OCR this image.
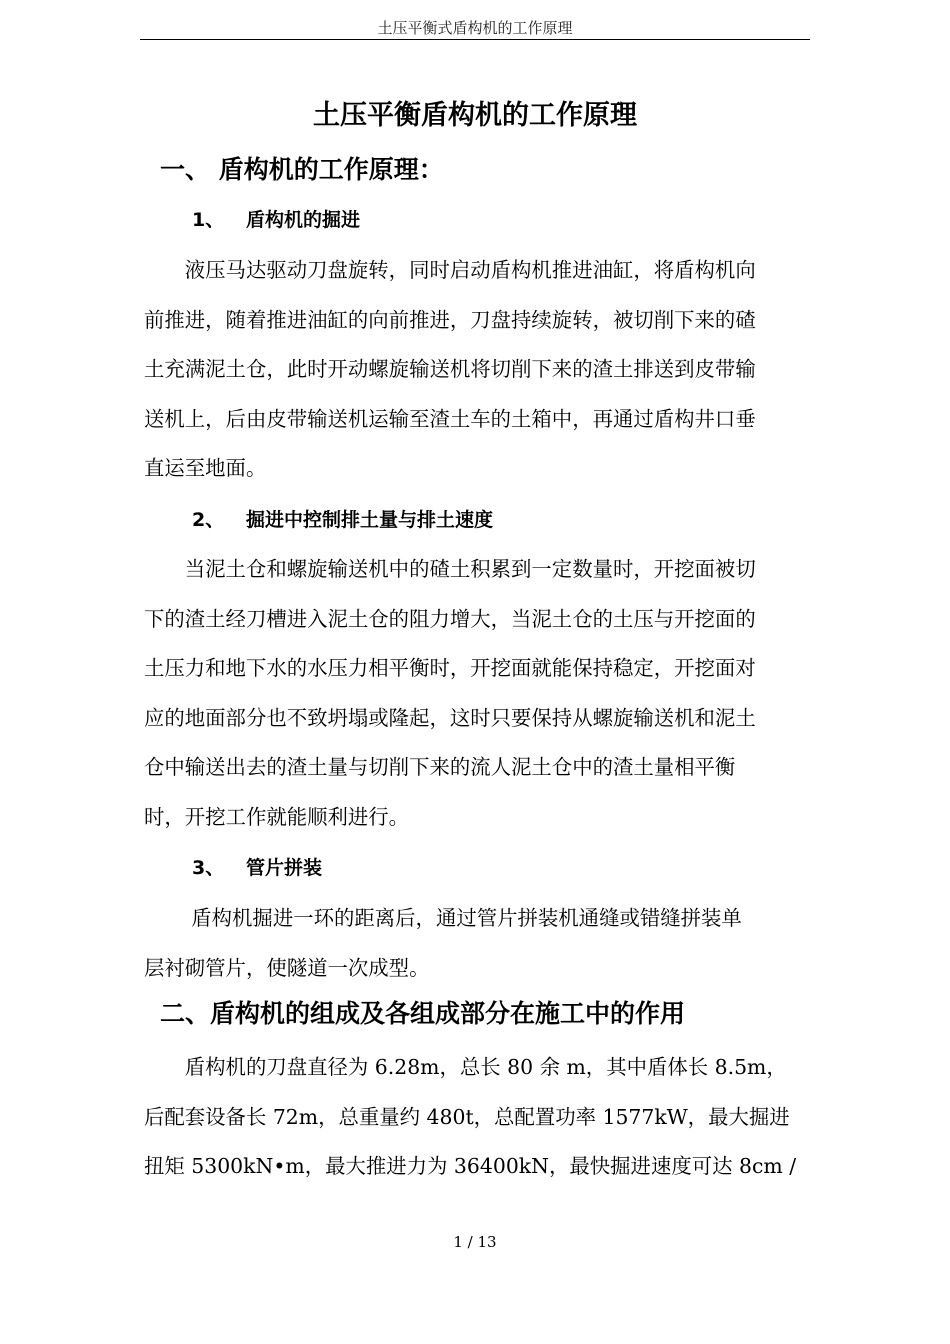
土压平衡式盾构机的工作原理
土压平衡盾构机的工作原理
一、 盾构机的工作原理：
1、 盾构机的掘进
　　液压马达驱动刀盘旋转，同时启动盾构机推进油缸，将盾构机向
前推进，随着推进油缸的向前推进，刀盘持续旋转，被切削下来的碴
土充满泥土仓，此时开动螺旋输送机将切削下来的渣土排送到皮带输
送机上，后由皮带输送机运输至渣土车的土箱中，再通过盾构井口垂
直运至地面。
2、 掘进中控制排土量与排土速度
　　当泥土仓和螺旋输送机中的碴土积累到一定数量时，开挖面被切
下的渣土经刀槽进入泥土仓的阻力增大，当泥土仓的土压与开挖面的
土压力和地下水的水压力相平衡时，开挖面就能保持稳定，开挖面对
应的地面部分也不致坍塌或隆起，这时只要保持从螺旋输送机和泥土
仓中输送出去的渣土量与切削下来的流人泥土仓中的渣土量相平衡
时，开挖工作就能顺利进行。
3、 管片拼装
　　 盾构机掘进一环的距离后，通过管片拼装机通缝或错缝拼装单
层衬砌管片，使隧道一次成型。
二、盾构机的组成及各组成部分在施工中的作用
　　盾构机的刀盘直径为 6.28m，总长 80 余 m，其中盾体长 8.5m，
后配套设备长 72m，总重量约 480t，总配置功率 1577kW，最大掘进
扭矩 5300kN•m，最大推进力为 36400kN，最快掘进速度可达 8cm /
1 / 13
